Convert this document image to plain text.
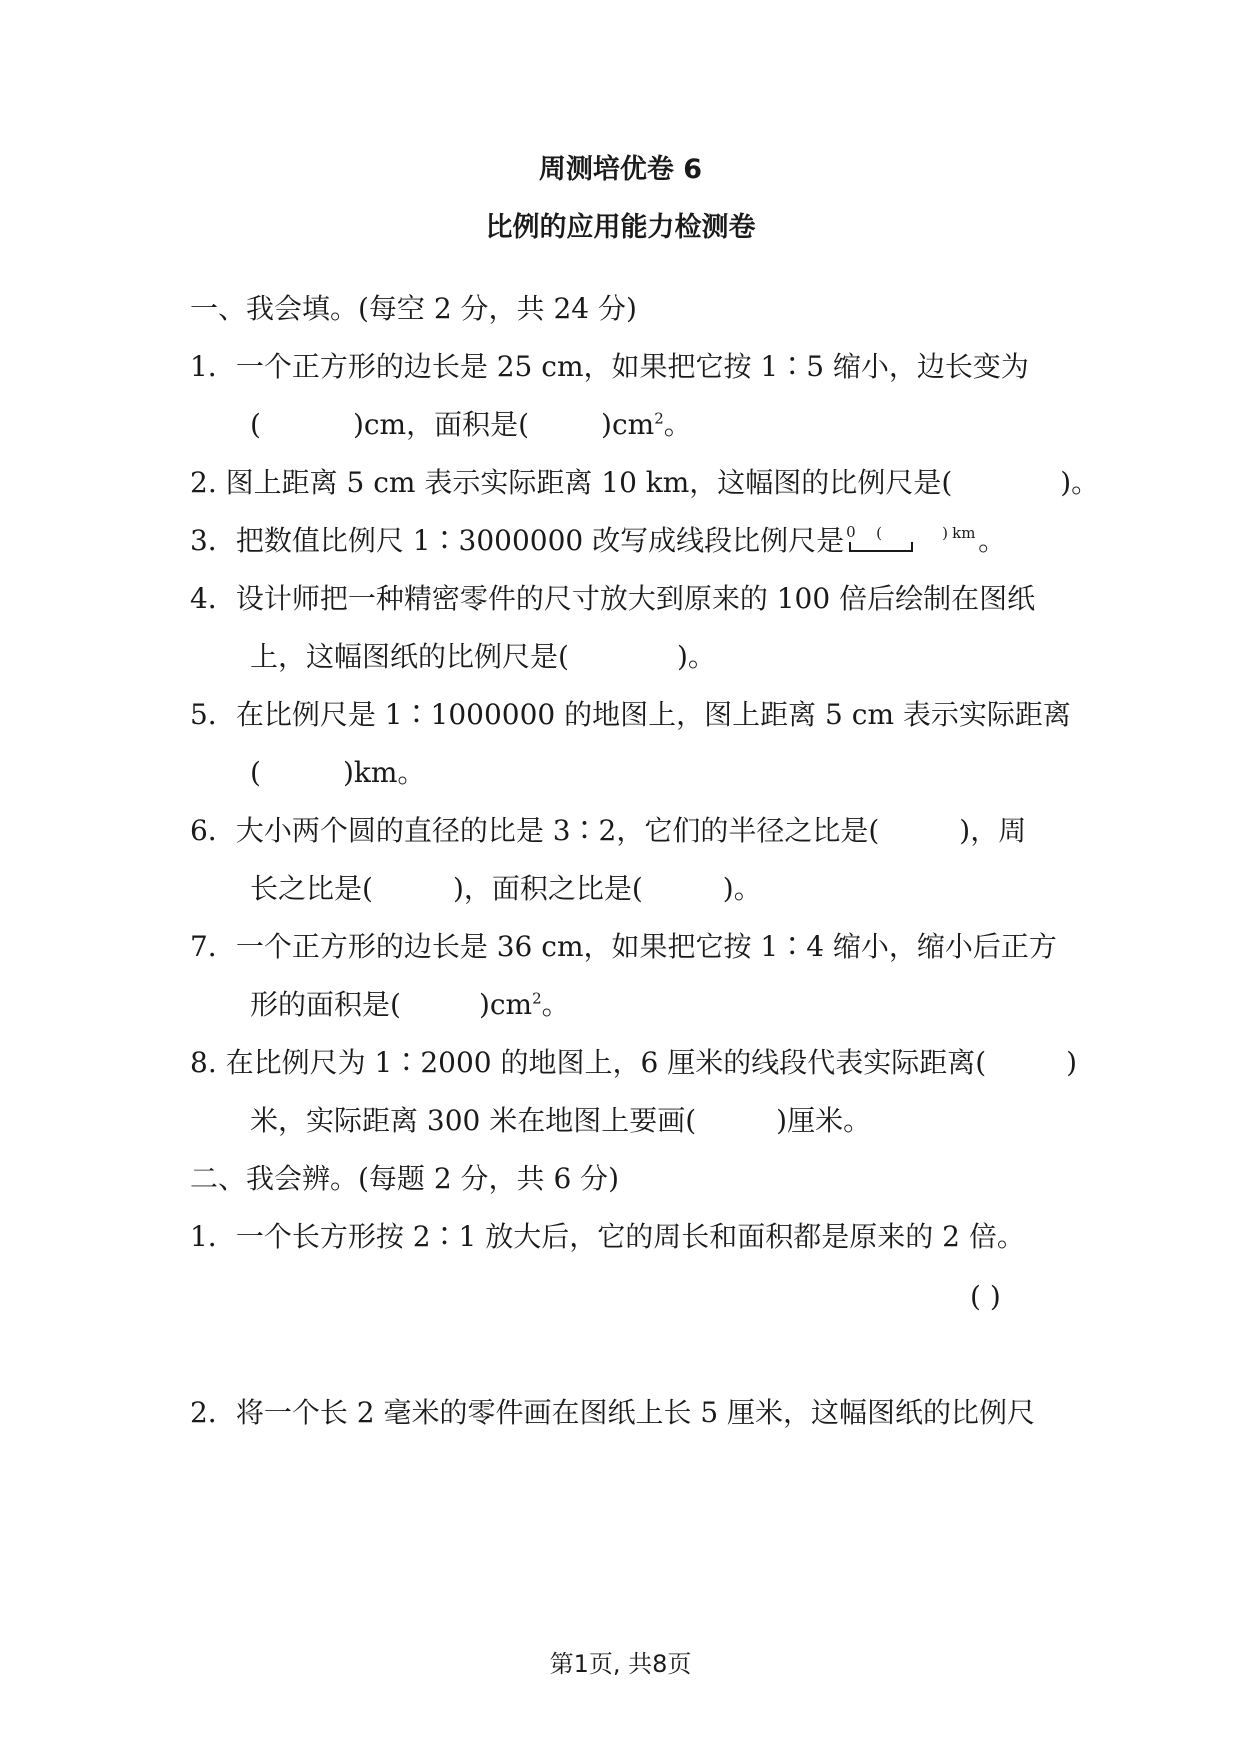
周测培优卷 6
比例的应用能力检测卷

一、我会填。(每空 2 分，共 24 分)

1．一个正方形的边长是 25 cm，如果把它按 1∶5 缩小，边长变为

(	)cm，面积是(	)$cm^2$。

2. 图上距离 5 cm 表示实际距离 10 km，这幅图的比例尺是(	)。

3．把数值比例尺 1∶3000000 改写成线段比例尺是 0 (	) km 。

4．设计师把一种精密零件的尺寸放大到原来的 100 倍后绘制在图纸

上，这幅图纸的比例尺是(	)。

5．在比例尺是 1∶1000000 的地图上，图上距离 5 cm 表示实际距离

(	)km。

6．大小两个圆的直径的比是 3∶2，它们的半径之比是(	)，周

长之比是(	)，面积之比是(	)。

7．一个正方形的边长是 36 cm，如果把它按 1∶4 缩小，缩小后正方

形的面积是(	)$cm^2$。

8. 在比例尺为 1∶2000 的地图上，6 厘米的线段代表实际距离(	)

米，实际距离 300 米在地图上要画(	)厘米。

二、我会辨。(每题 2 分，共 6 分)

1．一个长方形按 2∶1 放大后，它的周长和面积都是原来的 2 倍。

( )

2．将一个长 2 毫米的零件画在图纸上长 5 厘米，这幅图纸的比例尺

第1页, 共8页
